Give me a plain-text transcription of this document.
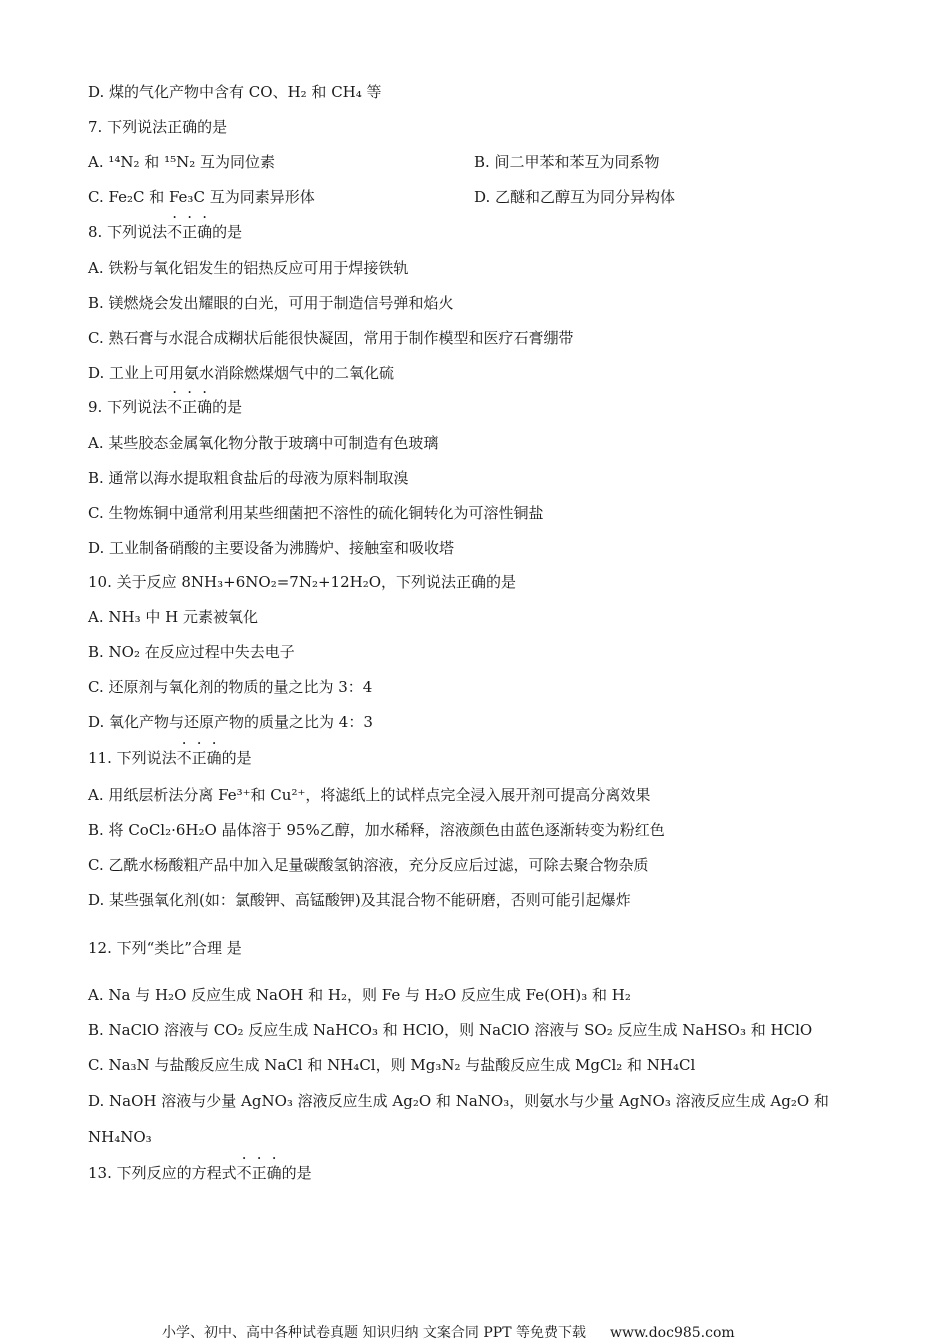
D. 煤的气化产物中含有 CO、H₂ 和 CH₄ 等
7. 下列说法正确的是
A. ¹⁴N₂ 和 ¹⁵N₂ 互为同位素	B. 间二甲苯和苯互为同系物
C. Fe₂C 和 Fe₃C 互为同素异形体	D. 乙醚和乙醇互为同分异构体
8. 下列说法不正确的是
A. 铁粉与氧化铝发生的铝热反应可用于焊接铁轨
B. 镁燃烧会发出耀眼的白光，可用于制造信号弹和焰火
C. 熟石膏与水混合成糊状后能很快凝固，常用于制作模型和医疗石膏绷带
D. 工业上可用氨水消除燃煤烟气中的二氧化硫
9. 下列说法不正确的是
A. 某些胶态金属氧化物分散于玻璃中可制造有色玻璃
B. 通常以海水提取粗食盐后的母液为原料制取溴
C. 生物炼铜中通常利用某些细菌把不溶性的硫化铜转化为可溶性铜盐
D. 工业制备硝酸的主要设备为沸腾炉、接触室和吸收塔
10. 关于反应 8NH₃+6NO₂=7N₂+12H₂O，下列说法正确的是
A. NH₃ 中 H 元素被氧化
B. NO₂ 在反应过程中失去电子
C. 还原剂与氧化剂的物质的量之比为 3：4
D. 氧化产物与还原产物的质量之比为 4：3
11. 下列说法不正确的是
A. 用纸层析法分离 Fe³⁺和 Cu²⁺，将滤纸上的试样点完全浸入展开剂可提高分离效果
B. 将 CoCl₂·6H₂O 晶体溶于 95%乙醇，加水稀释，溶液颜色由蓝色逐渐转变为粉红色
C. 乙酰水杨酸粗产品中加入足量碳酸氢钠溶液，充分反应后过滤，可除去聚合物杂质
D. 某些强氧化剂(如：氯酸钾、高锰酸钾)及其混合物不能研磨，否则可能引起爆炸
12. 下列“类比”合理 是
A. Na 与 H₂O 反应生成 NaOH 和 H₂，则 Fe 与 H₂O 反应生成 Fe(OH)₃ 和 H₂
B. NaClO 溶液与 CO₂ 反应生成 NaHCO₃ 和 HClO，则 NaClO 溶液与 SO₂ 反应生成 NaHSO₃ 和 HClO
C. Na₃N 与盐酸反应生成 NaCl 和 NH₄Cl，则 Mg₃N₂ 与盐酸反应生成 MgCl₂ 和 NH₄Cl
D. NaOH 溶液与少量 AgNO₃ 溶液反应生成 Ag₂O 和 NaNO₃，则氨水与少量 AgNO₃ 溶液反应生成 Ag₂O 和
NH₄NO₃
13. 下列反应的方程式不正确的是
小学、初中、高中各种试卷真题 知识归纳 文案合同 PPT 等免费下载 www.doc985.com
